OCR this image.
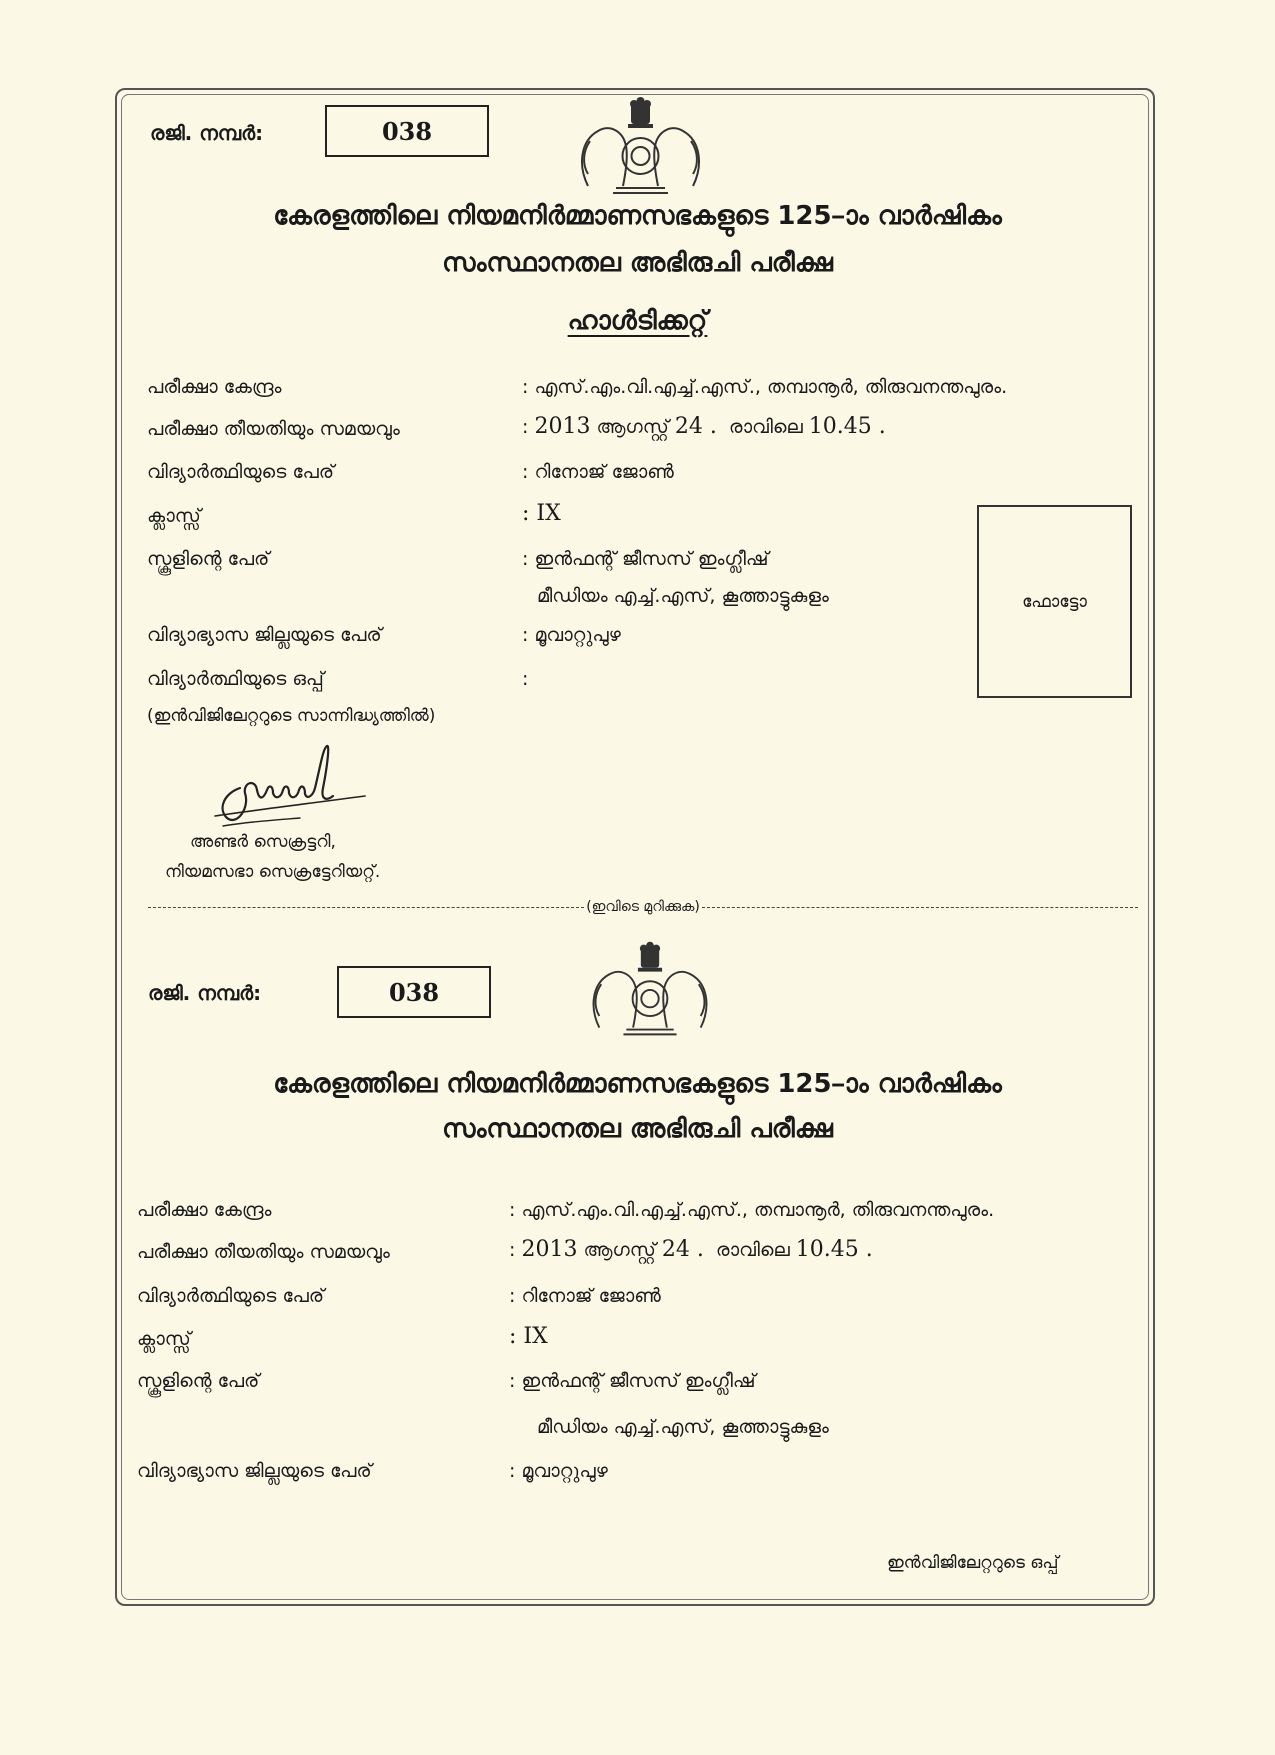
രജി. നമ്പർ:	038
കേരളത്തിലെ നിയമനിർമ്മാണസഭകളുടെ 125–ാം വാർഷികം
സംസ്ഥാനതല അഭിരുചി പരീക്ഷ
ഹാൾടിക്കറ്റ്
പരീക്ഷാ കേന്ദ്രം	: എസ്.എം.വി.എച്ച്.എസ്., തമ്പാനൂർ, തിരുവനന്തപുരം.
പരീക്ഷാ തീയതിയും സമയവും	: 2013 ആഗസ്റ്റ് 24 . രാവിലെ 10.45 .
വിദ്യാർത്ഥിയുടെ പേര്	: റിനോജ് ജോൺ
ക്ലാസ്സ്	: IX
സ്കൂളിന്റെ പേര്	: ഇൻഫന്റ് ജീസസ് ഇംഗ്ലീഷ്
മീഡിയം എച്ച്.എസ്, കൂത്താട്ടുകുളം
വിദ്യാഭ്യാസ ജില്ലയുടെ പേര്	: മൂവാറ്റുപുഴ
വിദ്യാർത്ഥിയുടെ ഒപ്പ്	:
(ഇൻവിജിലേറ്ററുടെ സാന്നിദ്ധ്യത്തിൽ)
ഫോട്ടോ
അണ്ടർ സെക്രട്ടറി,
നിയമസഭാ സെക്രട്ടേറിയറ്റ്.
(ഇവിടെ മുറിക്കുക)
രജി. നമ്പർ:	038
കേരളത്തിലെ നിയമനിർമ്മാണസഭകളുടെ 125–ാം വാർഷികം
സംസ്ഥാനതല അഭിരുചി പരീക്ഷ
പരീക്ഷാ കേന്ദ്രം	: എസ്.എം.വി.എച്ച്.എസ്., തമ്പാനൂർ, തിരുവനന്തപുരം.
പരീക്ഷാ തീയതിയും സമയവും	: 2013 ആഗസ്റ്റ് 24 . രാവിലെ 10.45 .
വിദ്യാർത്ഥിയുടെ പേര്	: റിനോജ് ജോൺ
ക്ലാസ്സ്	: IX
സ്കൂളിന്റെ പേര്	: ഇൻഫന്റ് ജീസസ് ഇംഗ്ലീഷ്
മീഡിയം എച്ച്.എസ്, കൂത്താട്ടുകുളം
വിദ്യാഭ്യാസ ജില്ലയുടെ പേര്	: മൂവാറ്റുപുഴ
ഇൻവിജിലേറ്ററുടെ ഒപ്പ്
